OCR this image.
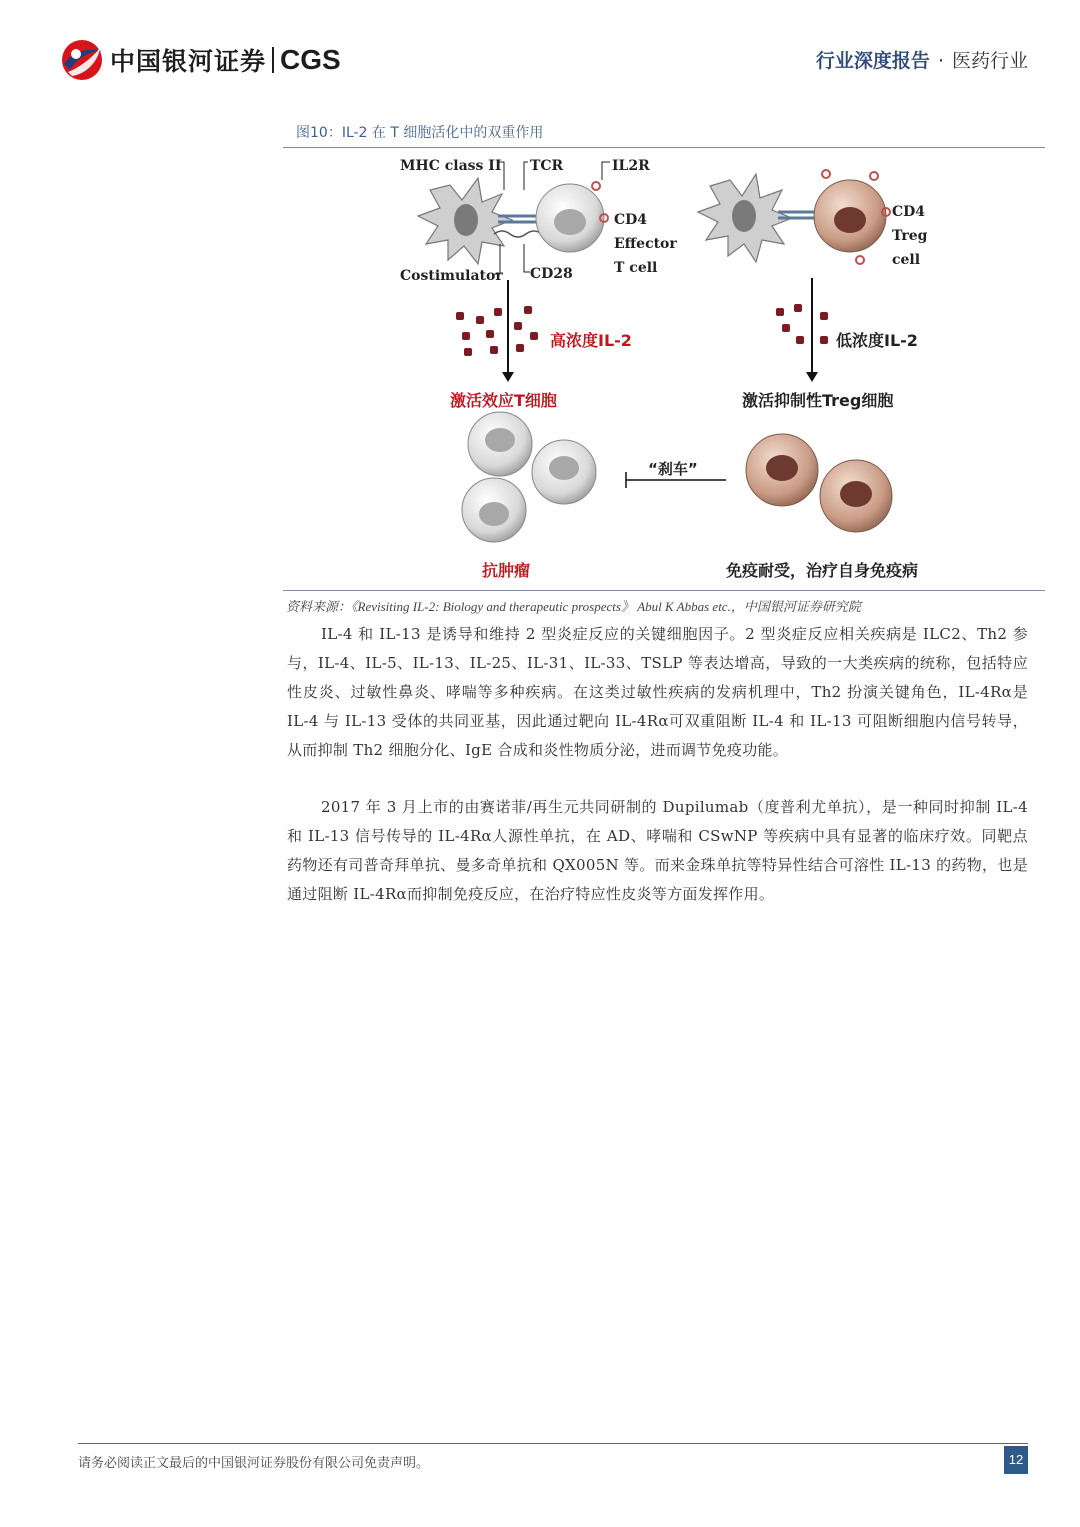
中国银河证券 CGS	行业深度报告 · 医药行业
图10：IL-2 在 T 细胞活化中的双重作用
MHC class II TCR	IL2R
CD4
Effector
T cell
Costimulator CD28
CD4
Treg
cell
高浓度IL-2	低浓度IL-2
激活效应T细胞	激活抑制性Treg细胞
抗肿瘤
“刹车”
免疫耐受，治疗自身免疫病
资料来源：《Revisiting IL-2: Biology and therapeutic prospects》 Abul K Abbas etc.，中国银河证券研究院
IL-4 和 IL-13 是诱导和维持 2 型炎症反应的关键细胞因子。2 型炎症反应相关疾病是 ILC2、Th2 参与，IL-4、IL-5、IL-13、IL-25、IL-31、IL-33、TSLP 等表达增高，导致的一大类疾病的统称，包括特应性皮炎、过敏性鼻炎、哮喘等多种疾病。在这类过敏性疾病的发病机理中，Th2 扮演关键角色，IL-4Rα是 IL-4 与 IL-13 受体的共同亚基，因此通过靶向 IL-4Rα可双重阻断 IL-4 和 IL-13 可阻断细胞内信号转导，从而抑制 Th2 细胞分化、IgE 合成和炎性物质分泌，进而调节免疫功能。
2017 年 3 月上市的由赛诺菲/再生元共同研制的 Dupilumab（度普利尤单抗），是一种同时抑制 IL-4 和 IL-13 信号传导的 IL-4Rα人源性单抗，在 AD、哮喘和 CSwNP 等疾病中具有显著的临床疗效。同靶点药物还有司普奇拜单抗、曼多奇单抗和 QX005N 等。而来金珠单抗等特异性结合可溶性 IL-13 的药物，也是通过阻断 IL-4Rα而抑制免疫反应，在治疗特应性皮炎等方面发挥作用。
请务必阅读正文最后的中国银河证券股份有限公司免责声明。	12
